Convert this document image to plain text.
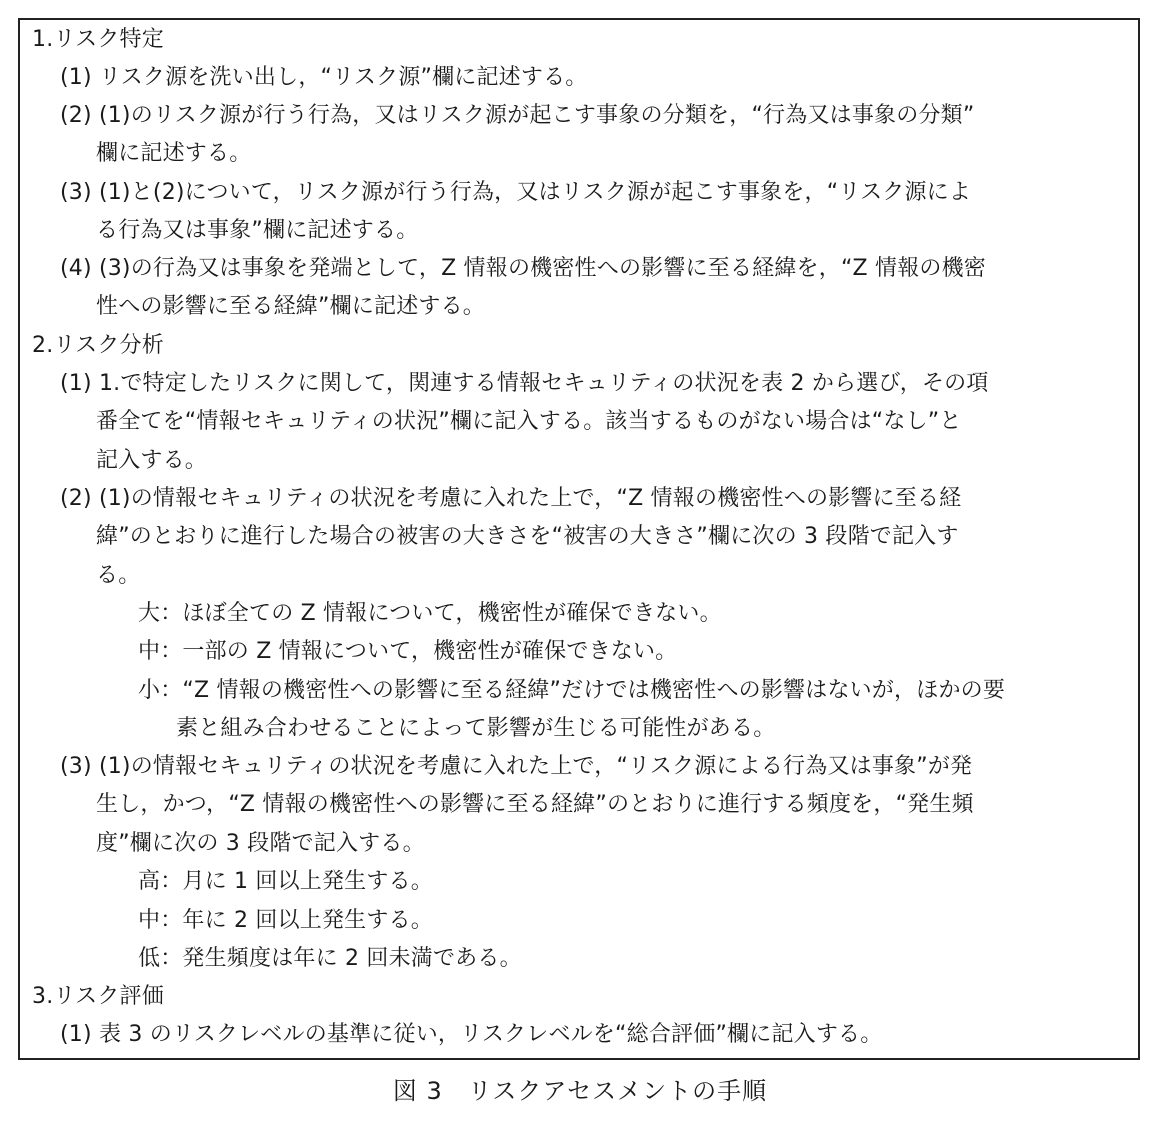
1.リスク特定
(1) リスク源を洗い出し，“リスク源”欄に記述する。
(2) (1)のリスク源が行う行為，又はリスク源が起こす事象の分類を，“行為又は事象の分類”
欄に記述する。
(3) (1)と(2)について，リスク源が行う行為，又はリスク源が起こす事象を，“リスク源によ
る行為又は事象”欄に記述する。
(4) (3)の行為又は事象を発端として，Z 情報の機密性への影響に至る経緯を，“Z 情報の機密
性への影響に至る経緯”欄に記述する。
2.リスク分析
(1) 1.で特定したリスクに関して，関連する情報セキュリティの状況を表 2 から選び，その項
番全てを“情報セキュリティの状況”欄に記入する。該当するものがない場合は“なし”と
記入する。
(2) (1)の情報セキュリティの状況を考慮に入れた上で，“Z 情報の機密性への影響に至る経
緯”のとおりに進行した場合の被害の大きさを“被害の大きさ”欄に次の 3 段階で記入す
る。
大：ほぼ全ての Z 情報について，機密性が確保できない。
中：一部の Z 情報について，機密性が確保できない。
小：“Z 情報の機密性への影響に至る経緯”だけでは機密性への影響はないが，ほかの要
素と組み合わせることによって影響が生じる可能性がある。
(3) (1)の情報セキュリティの状況を考慮に入れた上で，“リスク源による行為又は事象”が発
生し，かつ，“Z 情報の機密性への影響に至る経緯”のとおりに進行する頻度を，“発生頻
度”欄に次の 3 段階で記入する。
高：月に 1 回以上発生する。
中：年に 2 回以上発生する。
低：発生頻度は年に 2 回未満である。
3.リスク評価
(1) 表 3 のリスクレベルの基準に従い，リスクレベルを“総合評価”欄に記入する。
図 3　リスクアセスメントの手順
